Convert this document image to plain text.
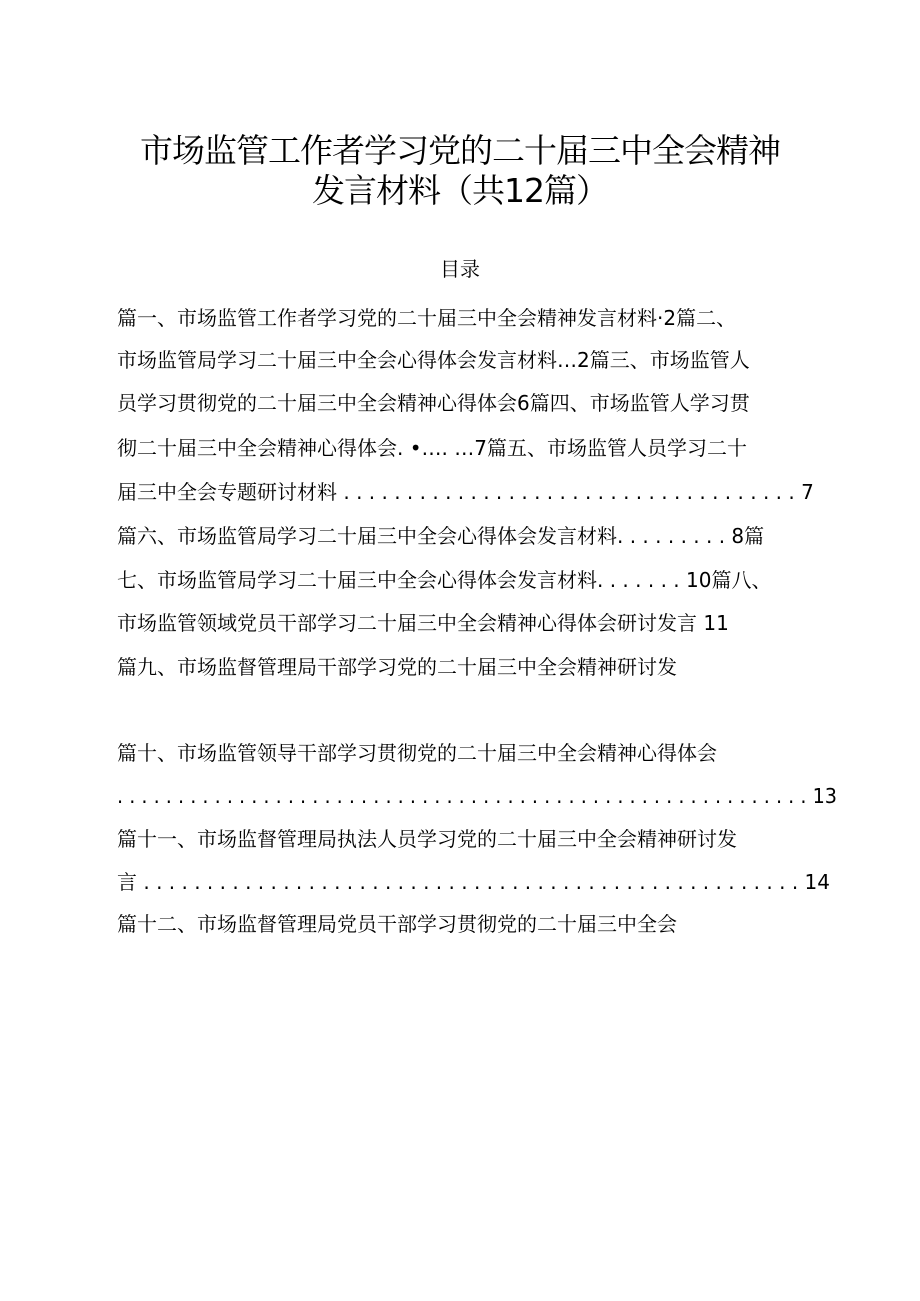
市场监管工作者学习党的二十届三中全会精神
发言材料（共12篇）
目录
篇一、市场监管工作者学习党的二十届三中全会精神发言材料·2篇二、
市场监管局学习二十届三中全会心得体会发言材料…2篇三、市场监管人
员学习贯彻党的二十届三中全会精神心得体会6篇四、市场监管人学习贯
彻二十届三中全会精神心得体会. •…. …7篇五、市场监管人员学习二十
届三中全会专题研讨材料 . . . . . . . . . . . . . . . . . . . . . . . . . . . . . . . . . . . . 7
篇六、市场监管局学习二十届三中全会心得体会发言材料. . . . . . . . . 8篇
七、市场监管局学习二十届三中全会心得体会发言材料. . . . . . . 10篇八、
市场监管领域党员干部学习二十届三中全会精神心得体会研讨发言 11
篇九、市场监督管理局干部学习党的二十届三中全会精神研讨发
篇十、市场监管领导干部学习贯彻党的二十届三中全会精神心得体会
. . . . . . . . . . . . . . . . . . . . . . . . . . . . . . . . . . . . . . . . . . . . . . . . . . . . . . . . . 13
篇十一、市场监督管理局执法人员学习党的二十届三中全会精神研讨发
言 . . . . . . . . . . . . . . . . . . . . . . . . . . . . . . . . . . . . . . . . . . . . . . . . . . . . 14
篇十二、市场监督管理局党员干部学习贯彻党的二十届三中全会
